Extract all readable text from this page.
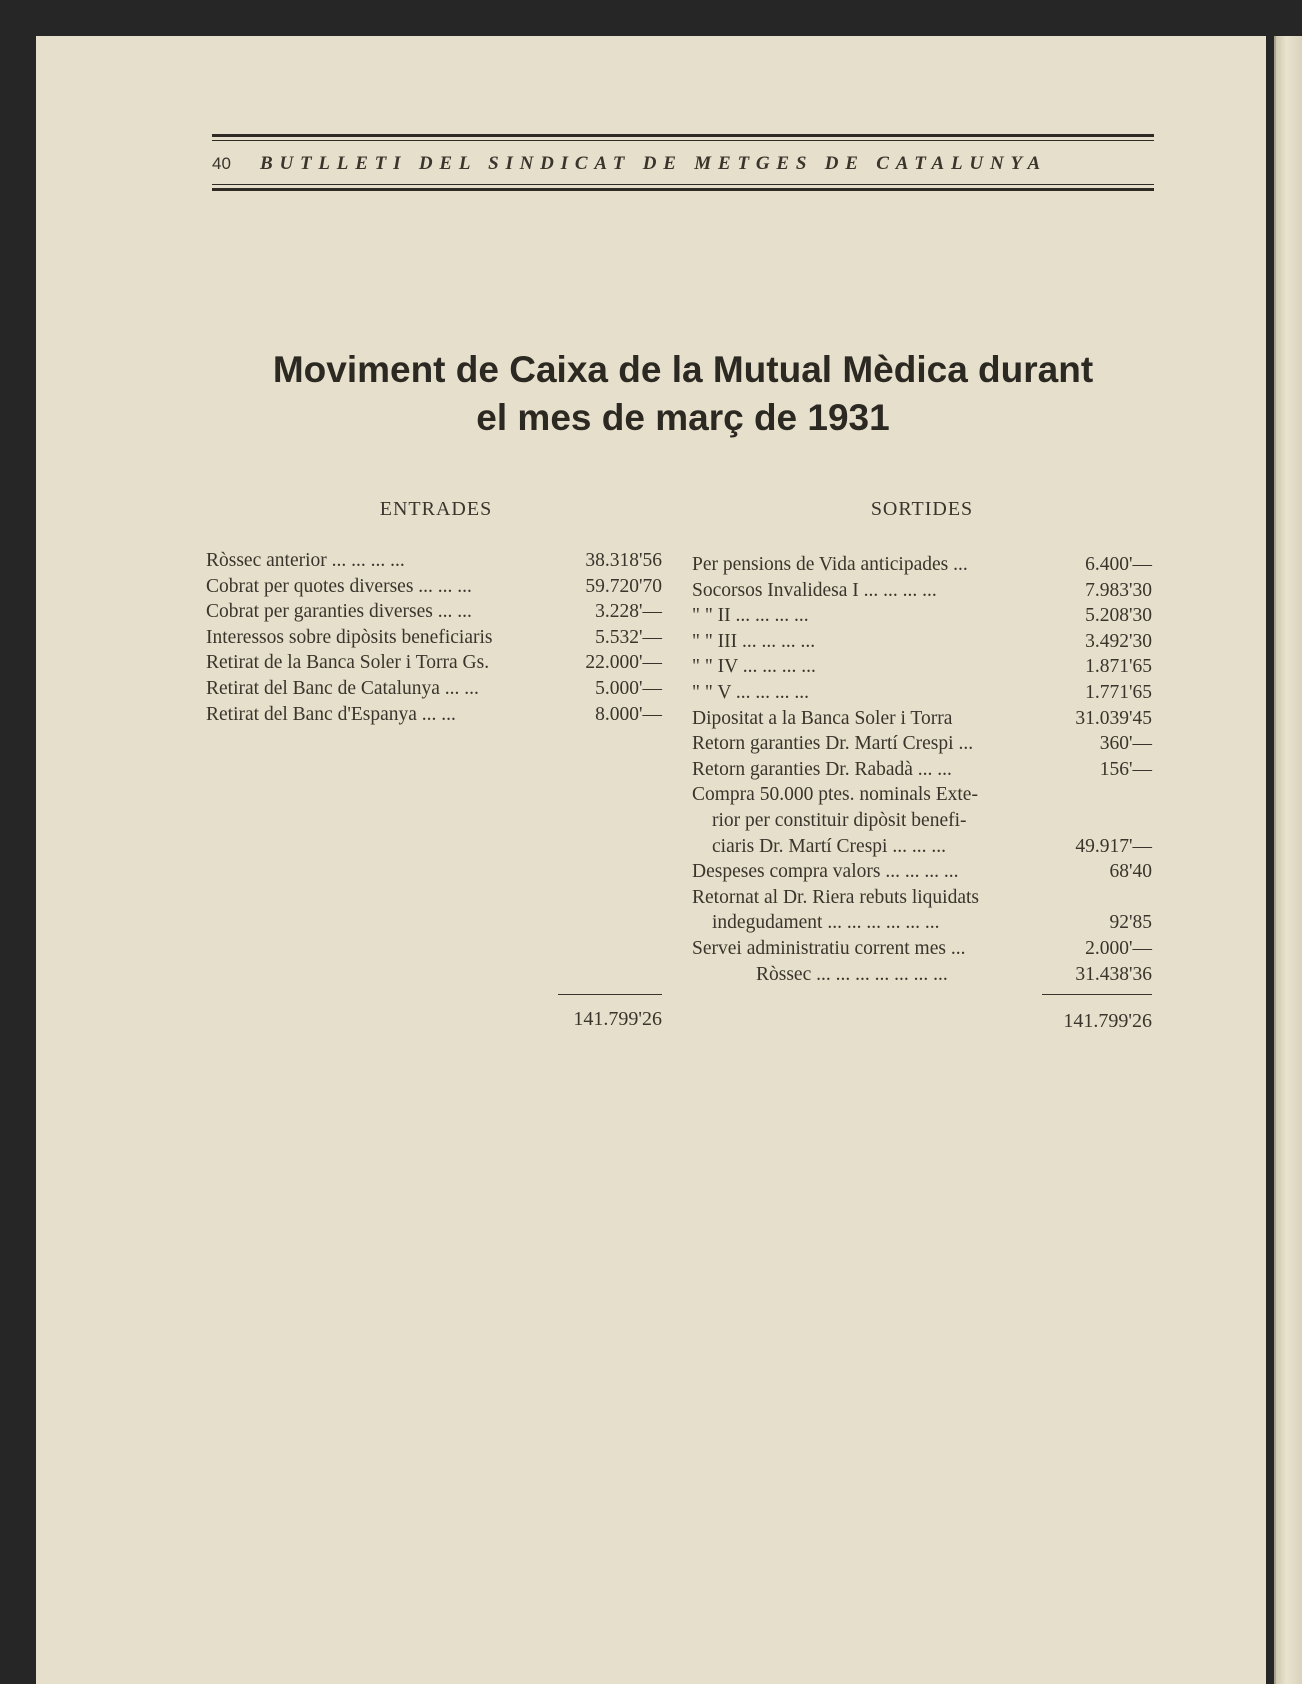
40	BUTLLETI DEL SINDICAT DE METGES DE CATALUNYA
Moviment de Caixa de la Mutual Mèdica durant
el mes de març de 1931
ENTRADES	SORTIDES
Ròssec anterior ... ... ... ...	38.318'56
Cobrat per quotes diverses ... ... ...	59.720'70
Cobrat per garanties diverses ... ...	3.228'—
Interessos sobre dipòsits beneficiaris	5.532'—
Retirat de la Banca Soler i Torra Gs.	22.000'—
Retirat del Banc de Catalunya ... ...	5.000'—
Retirat del Banc d'Espanya ... ...	8.000'—
Per pensions de Vida anticipades ...	6.400'—
Socorsos Invalidesa I ... ... ... ...	7.983'30
" " II ... ... ... ...	5.208'30
" " III ... ... ... ...	3.492'30
" " IV ... ... ... ...	1.871'65
" " V ... ... ... ...	1.771'65
Dipositat a la Banca Soler i Torra	31.039'45
Retorn garanties Dr. Martí Crespi ...	360'—
Retorn garanties Dr. Rabadà ... ...	156'—
Compra 50.000 ptes. nominals Exte-
rior per constituir dipòsit benefi-
ciaris Dr. Martí Crespi ... ... ...	49.917'—
Despeses compra valors ... ... ... ...	68'40
Retornat al Dr. Riera rebuts liquidats
indegudament ... ... ... ... ... ...	92'85
Servei administratiu corrent mes ...	2.000'—
Ròssec ... ... ... ... ... ... ...	31.438'36
141.799'26	141.799'26
